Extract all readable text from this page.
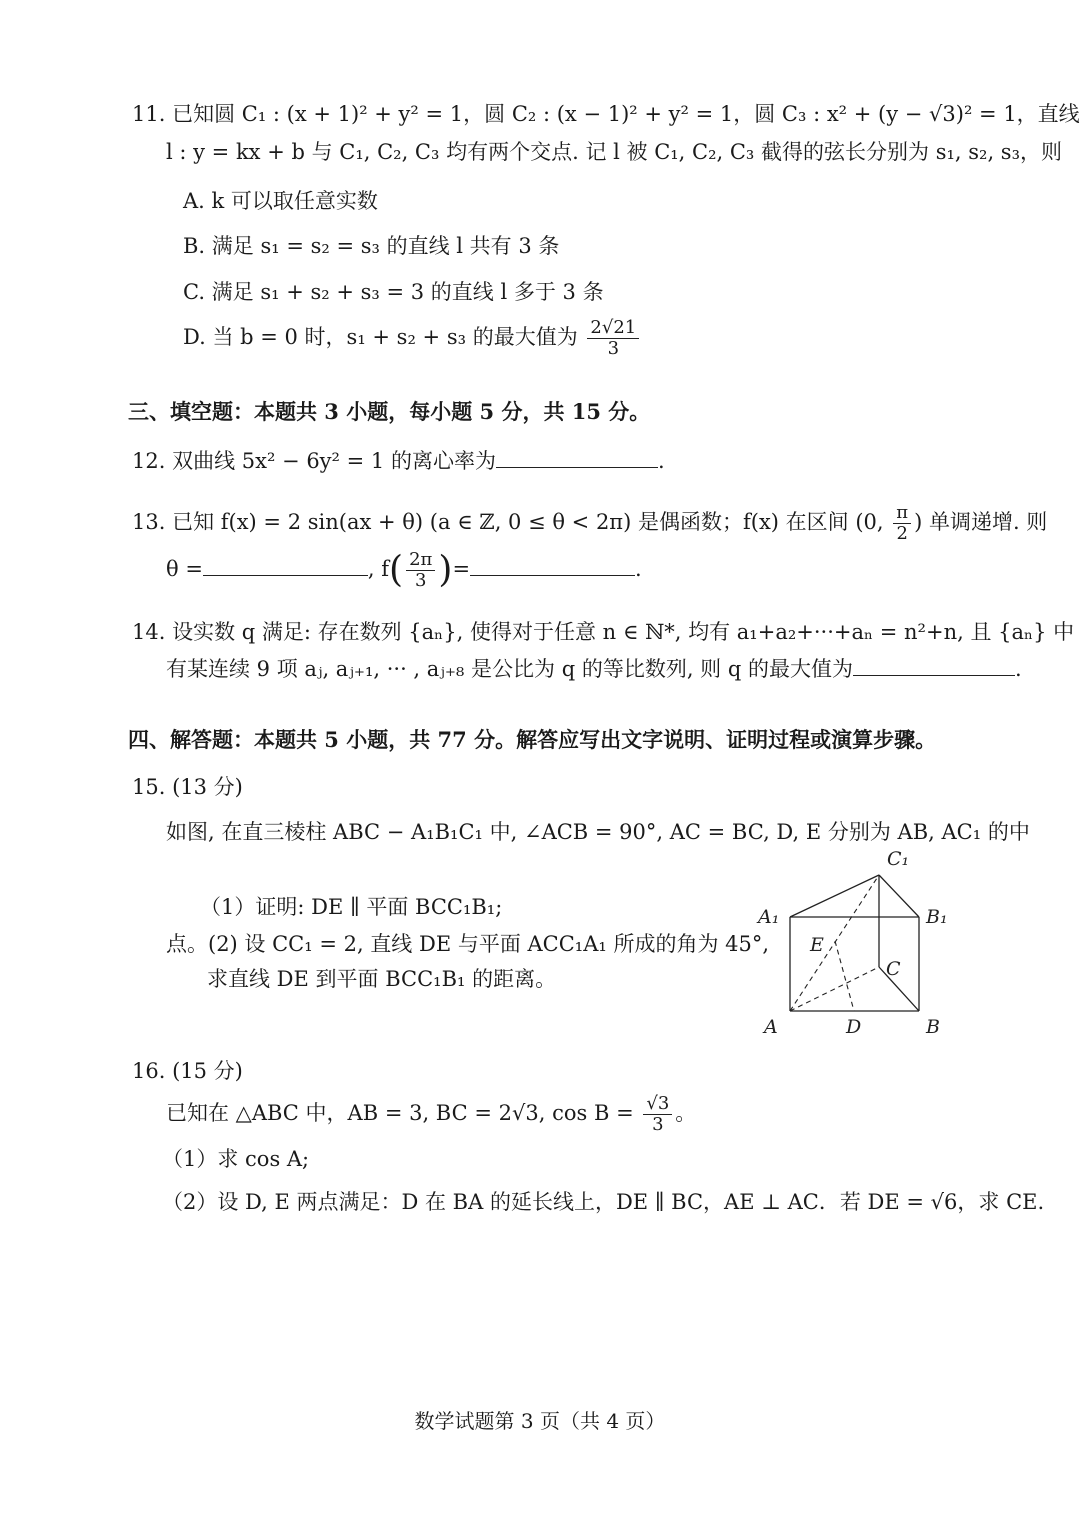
11. 已知圆 C₁ : (x + 1)² + y² = 1，圆 C₂ : (x − 1)² + y² = 1，圆 C₃ : x² + (y − √3)² = 1，直线
l : y = kx + b 与 C₁, C₂, C₃ 均有两个交点. 记 l 被 C₁, C₂, C₃ 截得的弦长分别为 s₁, s₂, s₃，则
A. k 可以取任意实数
B. 满足 s₁ = s₂ = s₃ 的直线 l 共有 3 条
C. 满足 s₁ + s₂ + s₃ = 3 的直线 l 多于 3 条
D. 当 b = 0 时，s₁ + s₂ + s₃ 的最大值为 $\frac{2√21}{3}$
三、填空题：本题共 3 小题，每小题 5 分，共 15 分。
12. 双曲线 5x² − 6y² = 1 的离心率为	.
13. 已知 f(x) = 2 sin(ax + θ) (a ∈ ℤ, 0 ≤ θ < 2π) 是偶函数；f(x) 在区间 (0, $\frac{\pi}{2}$ ) 单调递增. 则
θ =	, $f( \frac{2\pi}{3}$ )=	.
14. 设实数 q 满足: 存在数列 {aₙ}, 使得对于任意 n ∈ ℕ*, 均有 a₁+a₂+···+aₙ = n²+n, 且 {aₙ} 中
有某连续 9 项 aⱼ, aⱼ₊₁, ··· , aⱼ₊₈ 是公比为 q 的等比数列, 则 q 的最大值为	.
四、解答题：本题共 5 小题，共 77 分。解答应写出文字说明、证明过程或演算步骤。
15. (13 分)
如图, 在直三棱柱 ABC − A₁B₁C₁ 中, ∠ACB = 90°, AC = BC, D, E 分别为 AB, AC₁ 的中
（1）证明: DE ∥ 平面 BCC₁B₁;
点。(2) 设 CC₁ = 2, 直线 DE 与平面 ACC₁A₁ 所成的角为 45°,
求直线 DE 到平面 BCC₁B₁ 的距离。
C₁
A₁	B₁
E
C
A	D	B
16. (15 分)
已知在 △ABC 中，AB = 3, BC = 2√3, $\cos B = \frac{√3}{3}$ 。
（1）求 cos A;
（2）设 D, E 两点满足：D 在 BA 的延长线上，DE ∥ BC，AE ⊥ AC．若 DE = √6，求 CE.
数学试题第 3 页（共 4 页）
